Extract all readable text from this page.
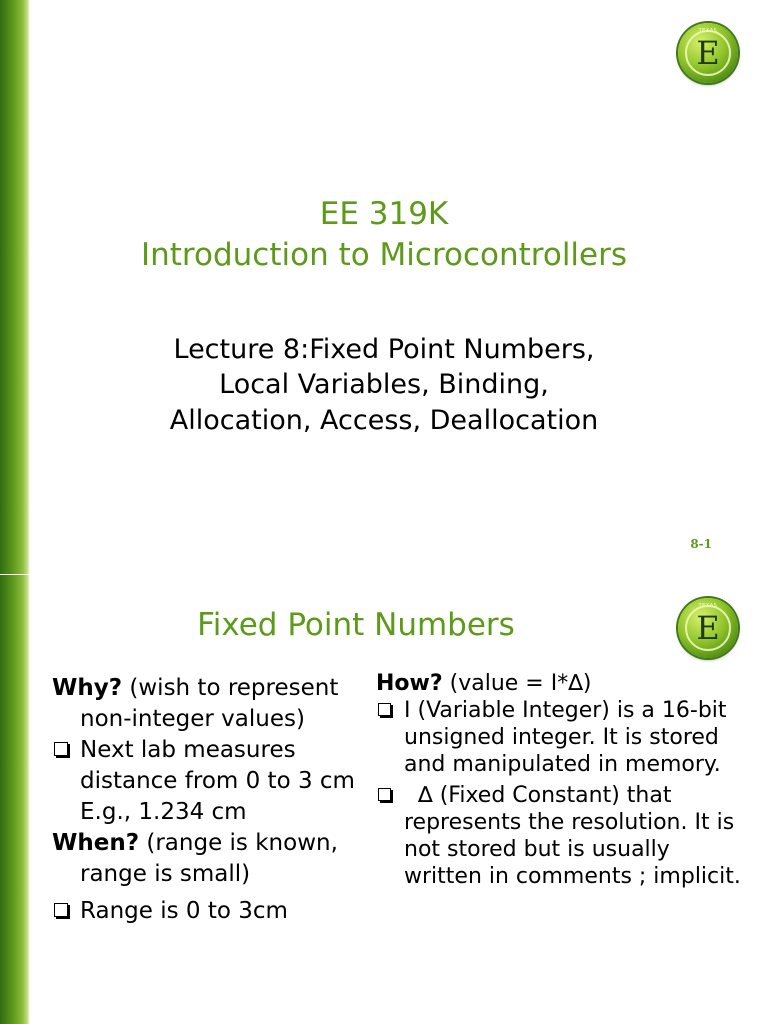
TEXAS
E
EE 319K
Introduction to Microcontrollers
Lecture 8:Fixed Point Numbers,
Local Variables, Binding,
Allocation, Access, Deallocation
8-1
TEXAS
E
Fixed Point Numbers
Why? (wish to represent non-integer values)
Next lab measures distance from 0 to 3 cm
E.g., 1.234 cm
When? (range is known, range is small)
Range is 0 to 3cm
How? (value = I*∆)
I (Variable Integer) is a 16-bit unsigned integer. It is stored and manipulated in memory.
∆ (Fixed Constant) that represents the resolution. It is not stored but is usually written in comments ; implicit.
